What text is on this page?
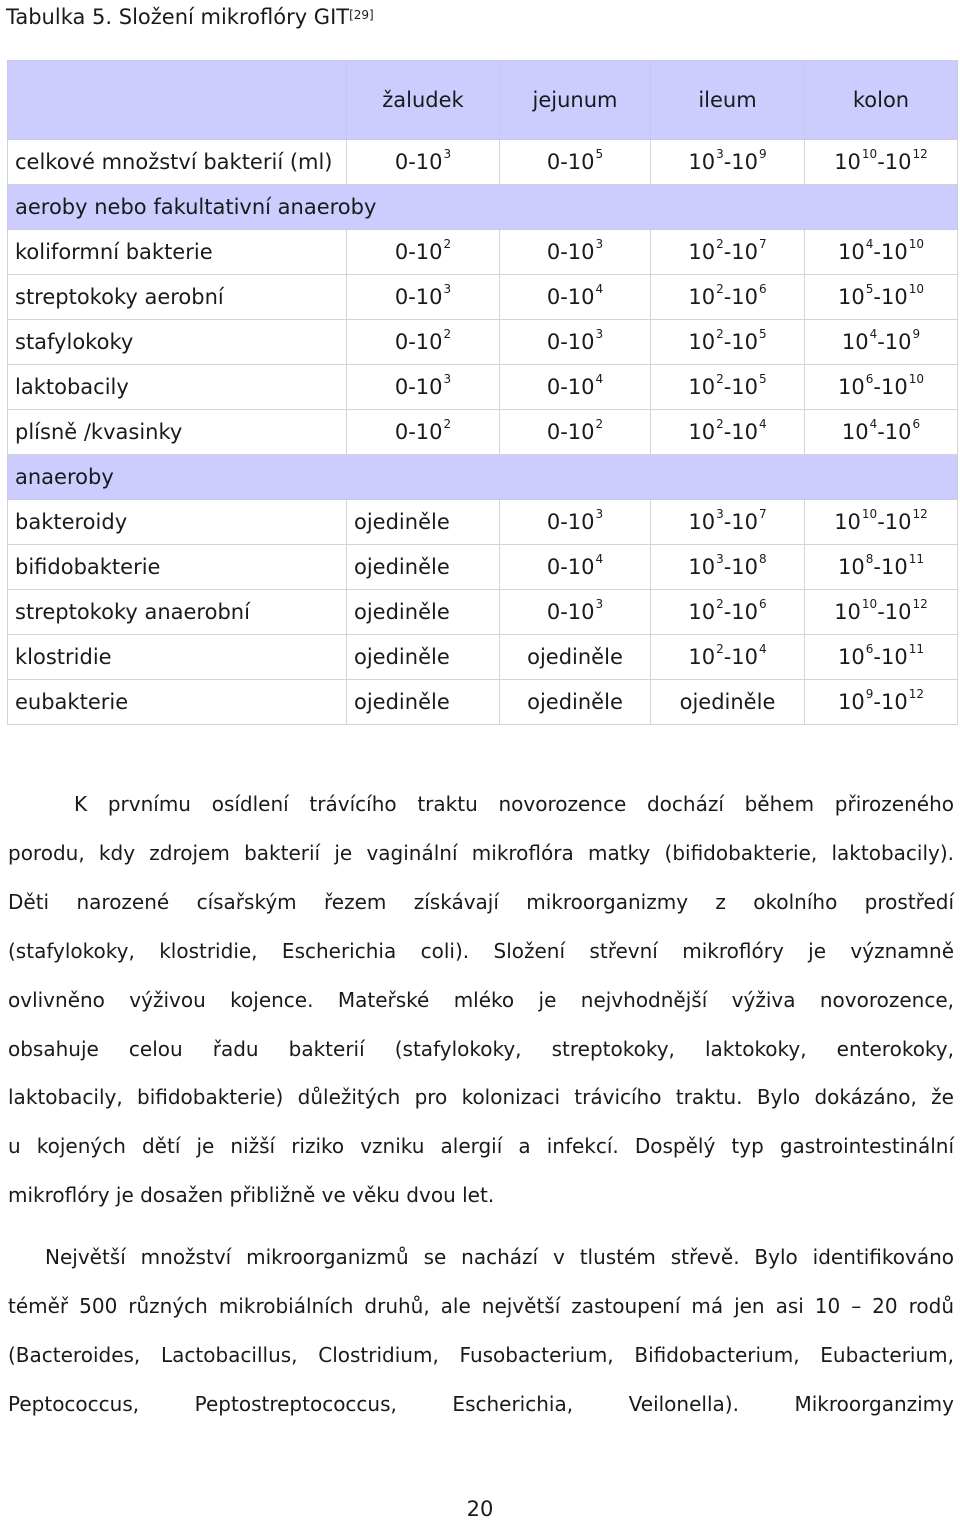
Tabulka 5. Složení mikroflóry GIT[29]
	žaludek	jejunum	ileum	kolon
celkové množství bakterií (ml)	$0-10^3$	$0-10^5$	$10^3-10^9$	$10^{10}-10^{12}$
aeroby nebo fakultativní anaeroby				
koliformní bakterie	$0-10^2$	$0-10^3$	$10^2-10^7$	$10^4-10^{10}$
streptokoky aerobní	$0-10^3$	$0-10^4$	$10^2-10^6$	$10^5-10^{10}$
stafylokoky	$0-10^2$	$0-10^3$	$10^2-10^5$	$10^4-10^9$
laktobacily	$0-10^3$	$0-10^4$	$10^2-10^5$	$10^6-10^{10}$
plísně /kvasinky	$0-10^2$	$0-10^2$	$10^2-10^4$	$10^4-10^6$
anaeroby				
bakteroidy	ojediněle	$0-10^3$	$10^3-10^7$	$10^{10}-10^{12}$
bifidobakterie	ojediněle	$0-10^4$	$10^3-10^8$	$10^8-10^{11}$
streptokoky anaerobní	ojediněle	$0-10^3$	$10^2-10^6$	$10^{10}-10^{12}$
klostridie	ojediněle	ojediněle	$10^2-10^4$	$10^6-10^{11}$
eubakterie	ojediněle	ojediněle	ojediněle	$10^9-10^{12}$
K prvnímu osídlení trávícího traktu novorozence dochází během přirozeného
porodu, kdy zdrojem bakterií je vaginální mikroflóra matky (bifidobakterie, laktobacily).
Děti narozené císařským řezem získávají mikroorganizmy z okolního prostředí
(stafylokoky, klostridie, Escherichia coli). Složení střevní mikroflóry je významně
ovlivněno výživou kojence. Mateřské mléko je nejvhodnější výživa novorozence,
obsahuje celou řadu bakterií (stafylokoky, streptokoky, laktokoky, enterokoky,
laktobacily, bifidobakterie) důležitých pro kolonizaci trávicího traktu. Bylo dokázáno, že
u kojených dětí je nižší riziko vzniku alergií a infekcí. Dospělý typ gastrointestinální
mikroflóry je dosažen přibližně ve věku dvou let.
Největší množství mikroorganizmů se nachází v tlustém střevě. Bylo identifikováno
téměř 500 různých mikrobiálních druhů, ale největší zastoupení má jen asi 10 – 20 rodů
(Bacteroides, Lactobacillus, Clostridium, Fusobacterium, Bifidobacterium, Eubacterium,
Peptococcus, Peptostreptococcus, Escherichia, Veilonella). Mikroorganzimy
20
